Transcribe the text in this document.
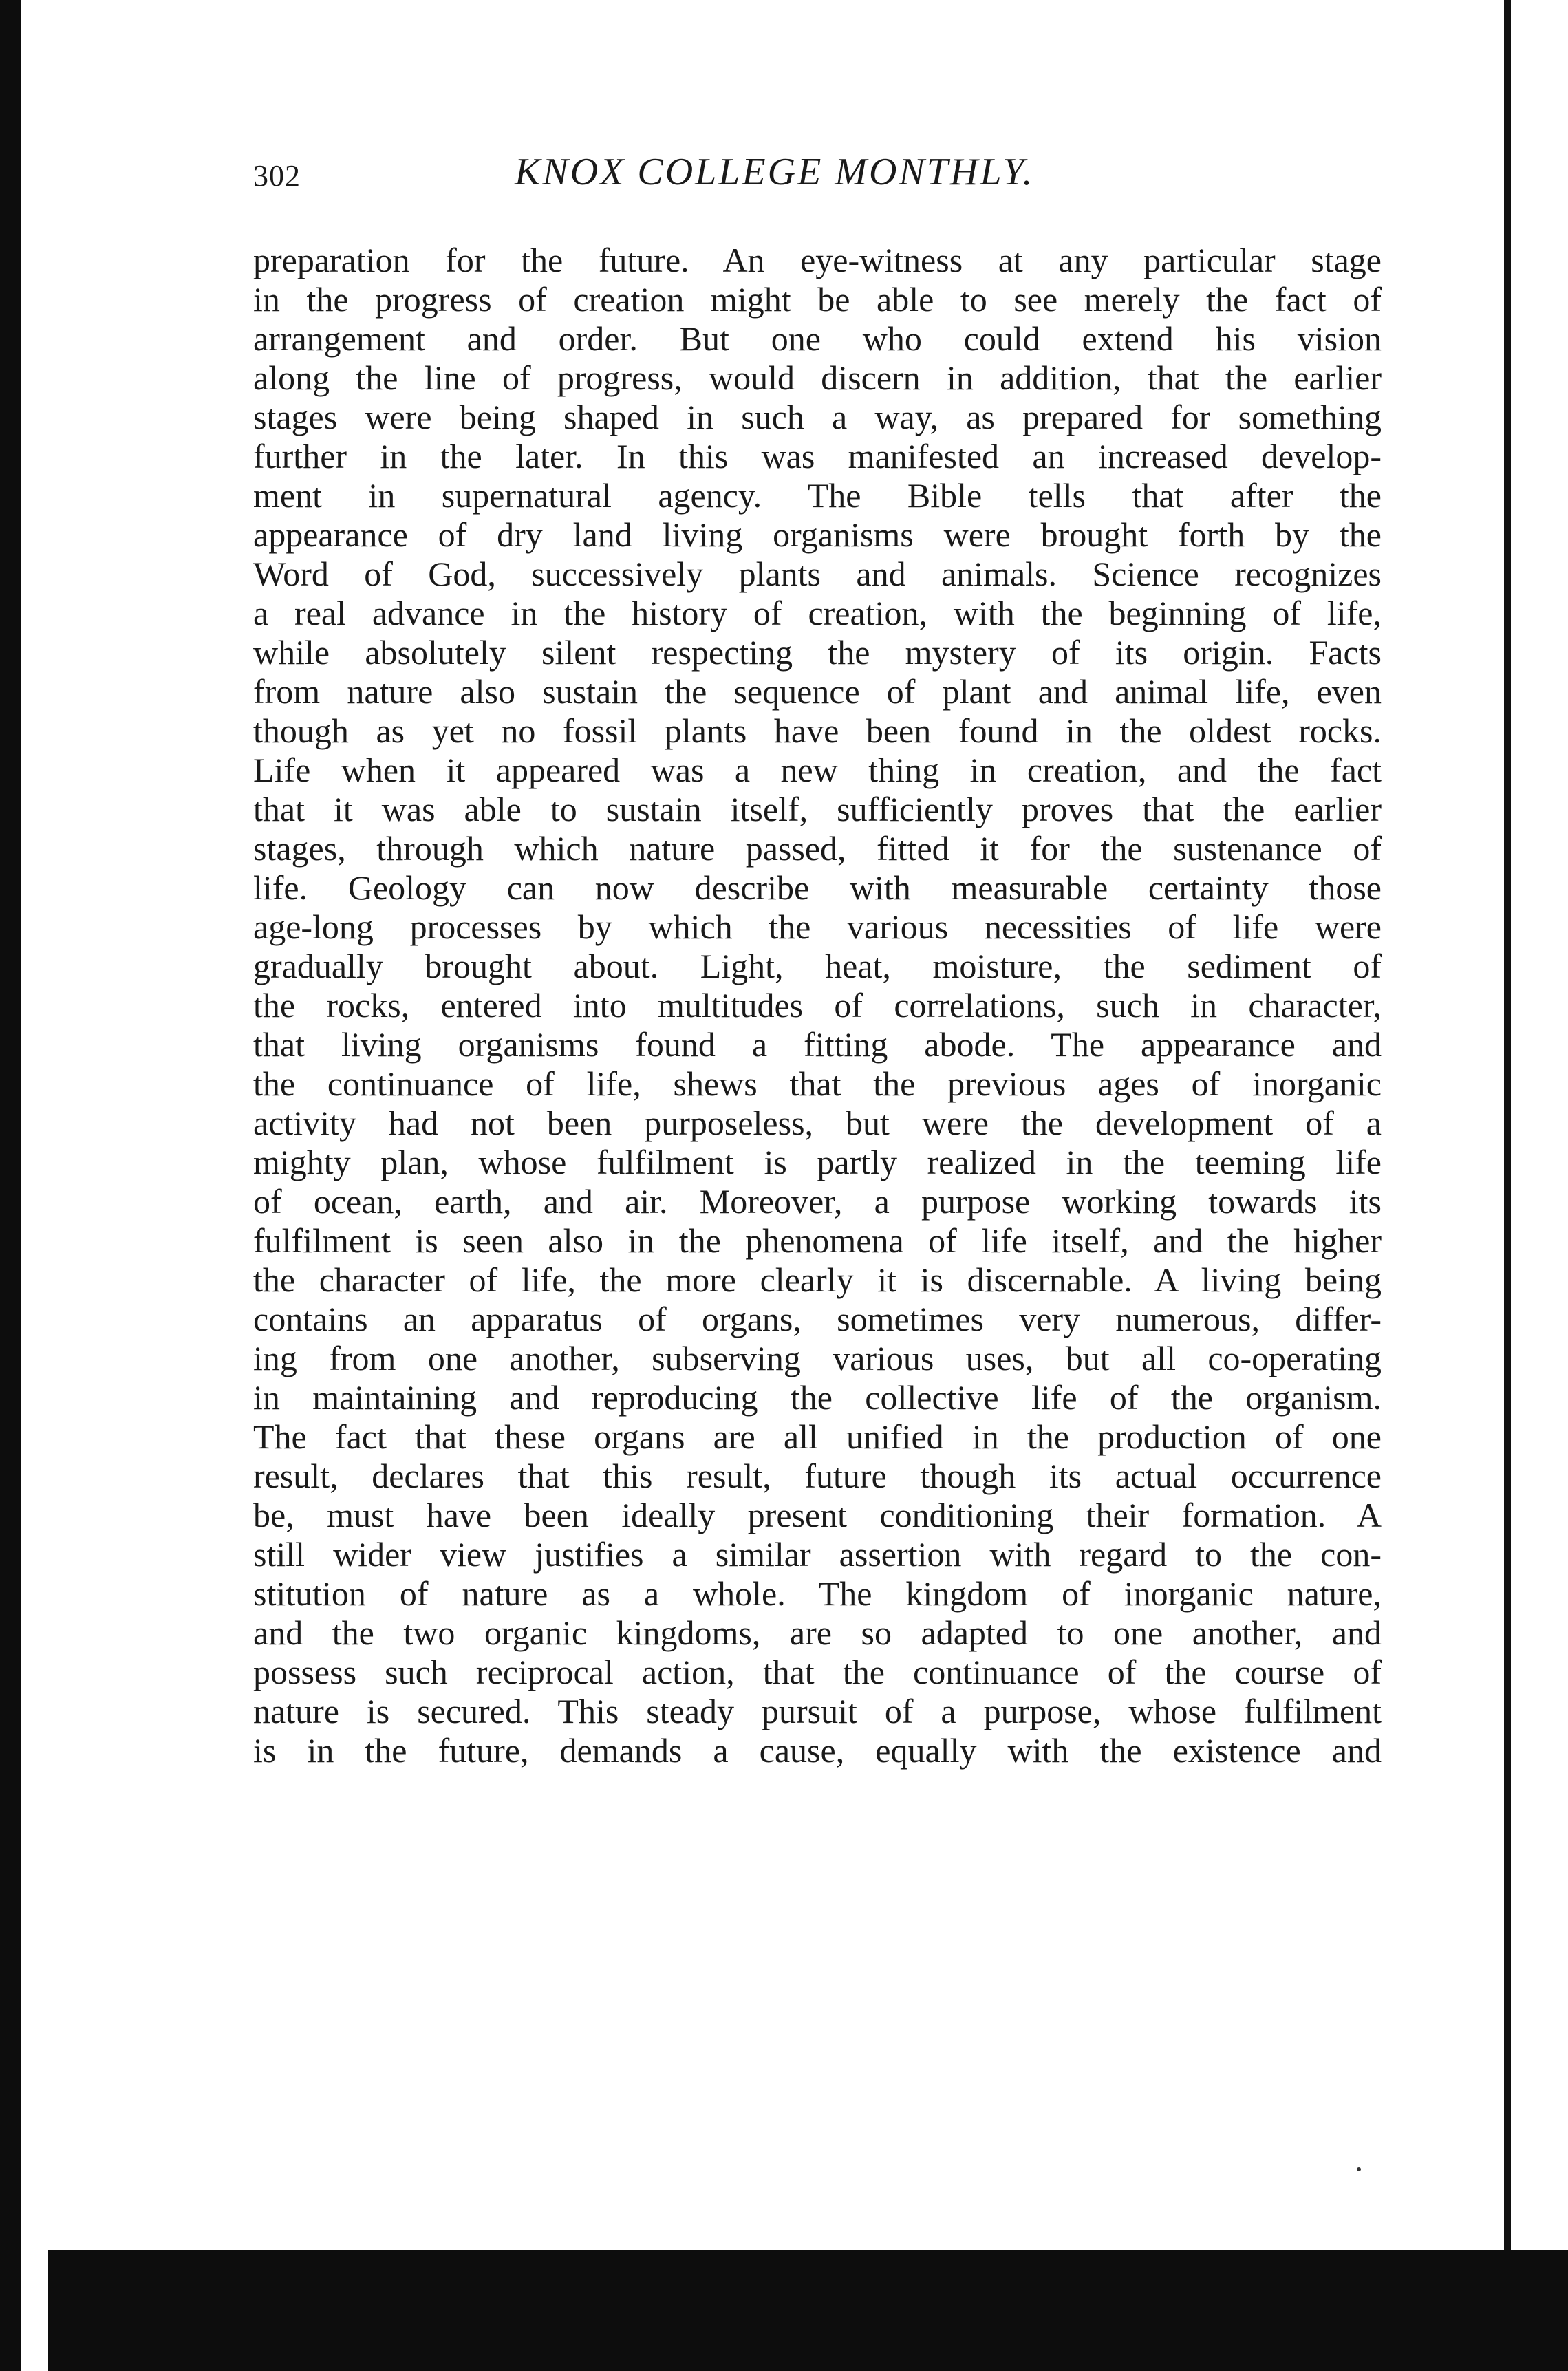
302	KNOX COLLEGE MONTHLY.
preparation for the future. An eye-witness at any particular stage
in the progress of creation might be able to see merely the fact of
arrangement and order. But one who could extend his vision
along the line of progress, would discern in addition, that the earlier
stages were being shaped in such a way, as prepared for something
further in the later. In this was manifested an increased develop-
ment in supernatural agency. The Bible tells that after the
appearance of dry land living organisms were brought forth by the
Word of God, successively plants and animals. Science recognizes
a real advance in the history of creation, with the beginning of life,
while absolutely silent respecting the mystery of its origin. Facts
from nature also sustain the sequence of plant and animal life, even
though as yet no fossil plants have been found in the oldest rocks.
Life when it appeared was a new thing in creation, and the fact
that it was able to sustain itself, sufficiently proves that the earlier
stages, through which nature passed, fitted it for the sustenance of
life. Geology can now describe with measurable certainty those
age-long processes by which the various necessities of life were
gradually brought about. Light, heat, moisture, the sediment of
the rocks, entered into multitudes of correlations, such in character,
that living organisms found a fitting abode. The appearance and
the continuance of life, shews that the previous ages of inorganic
activity had not been purposeless, but were the development of a
mighty plan, whose fulfilment is partly realized in the teeming life
of ocean, earth, and air. Moreover, a purpose working towards its
fulfilment is seen also in the phenomena of life itself, and the higher
the character of life, the more clearly it is discernable. A living being
contains an apparatus of organs, sometimes very numerous, differ-
ing from one another, subserving various uses, but all co-operating
in maintaining and reproducing the collective life of the organism.
The fact that these organs are all unified in the production of one
result, declares that this result, future though its actual occurrence
be, must have been ideally present conditioning their formation. A
still wider view justifies a similar assertion with regard to the con-
stitution of nature as a whole. The kingdom of inorganic nature,
and the two organic kingdoms, are so adapted to one another, and
possess such reciprocal action, that the continuance of the course of
nature is secured. This steady pursuit of a purpose, whose fulfilment
is in the future, demands a cause, equally with the existence and
